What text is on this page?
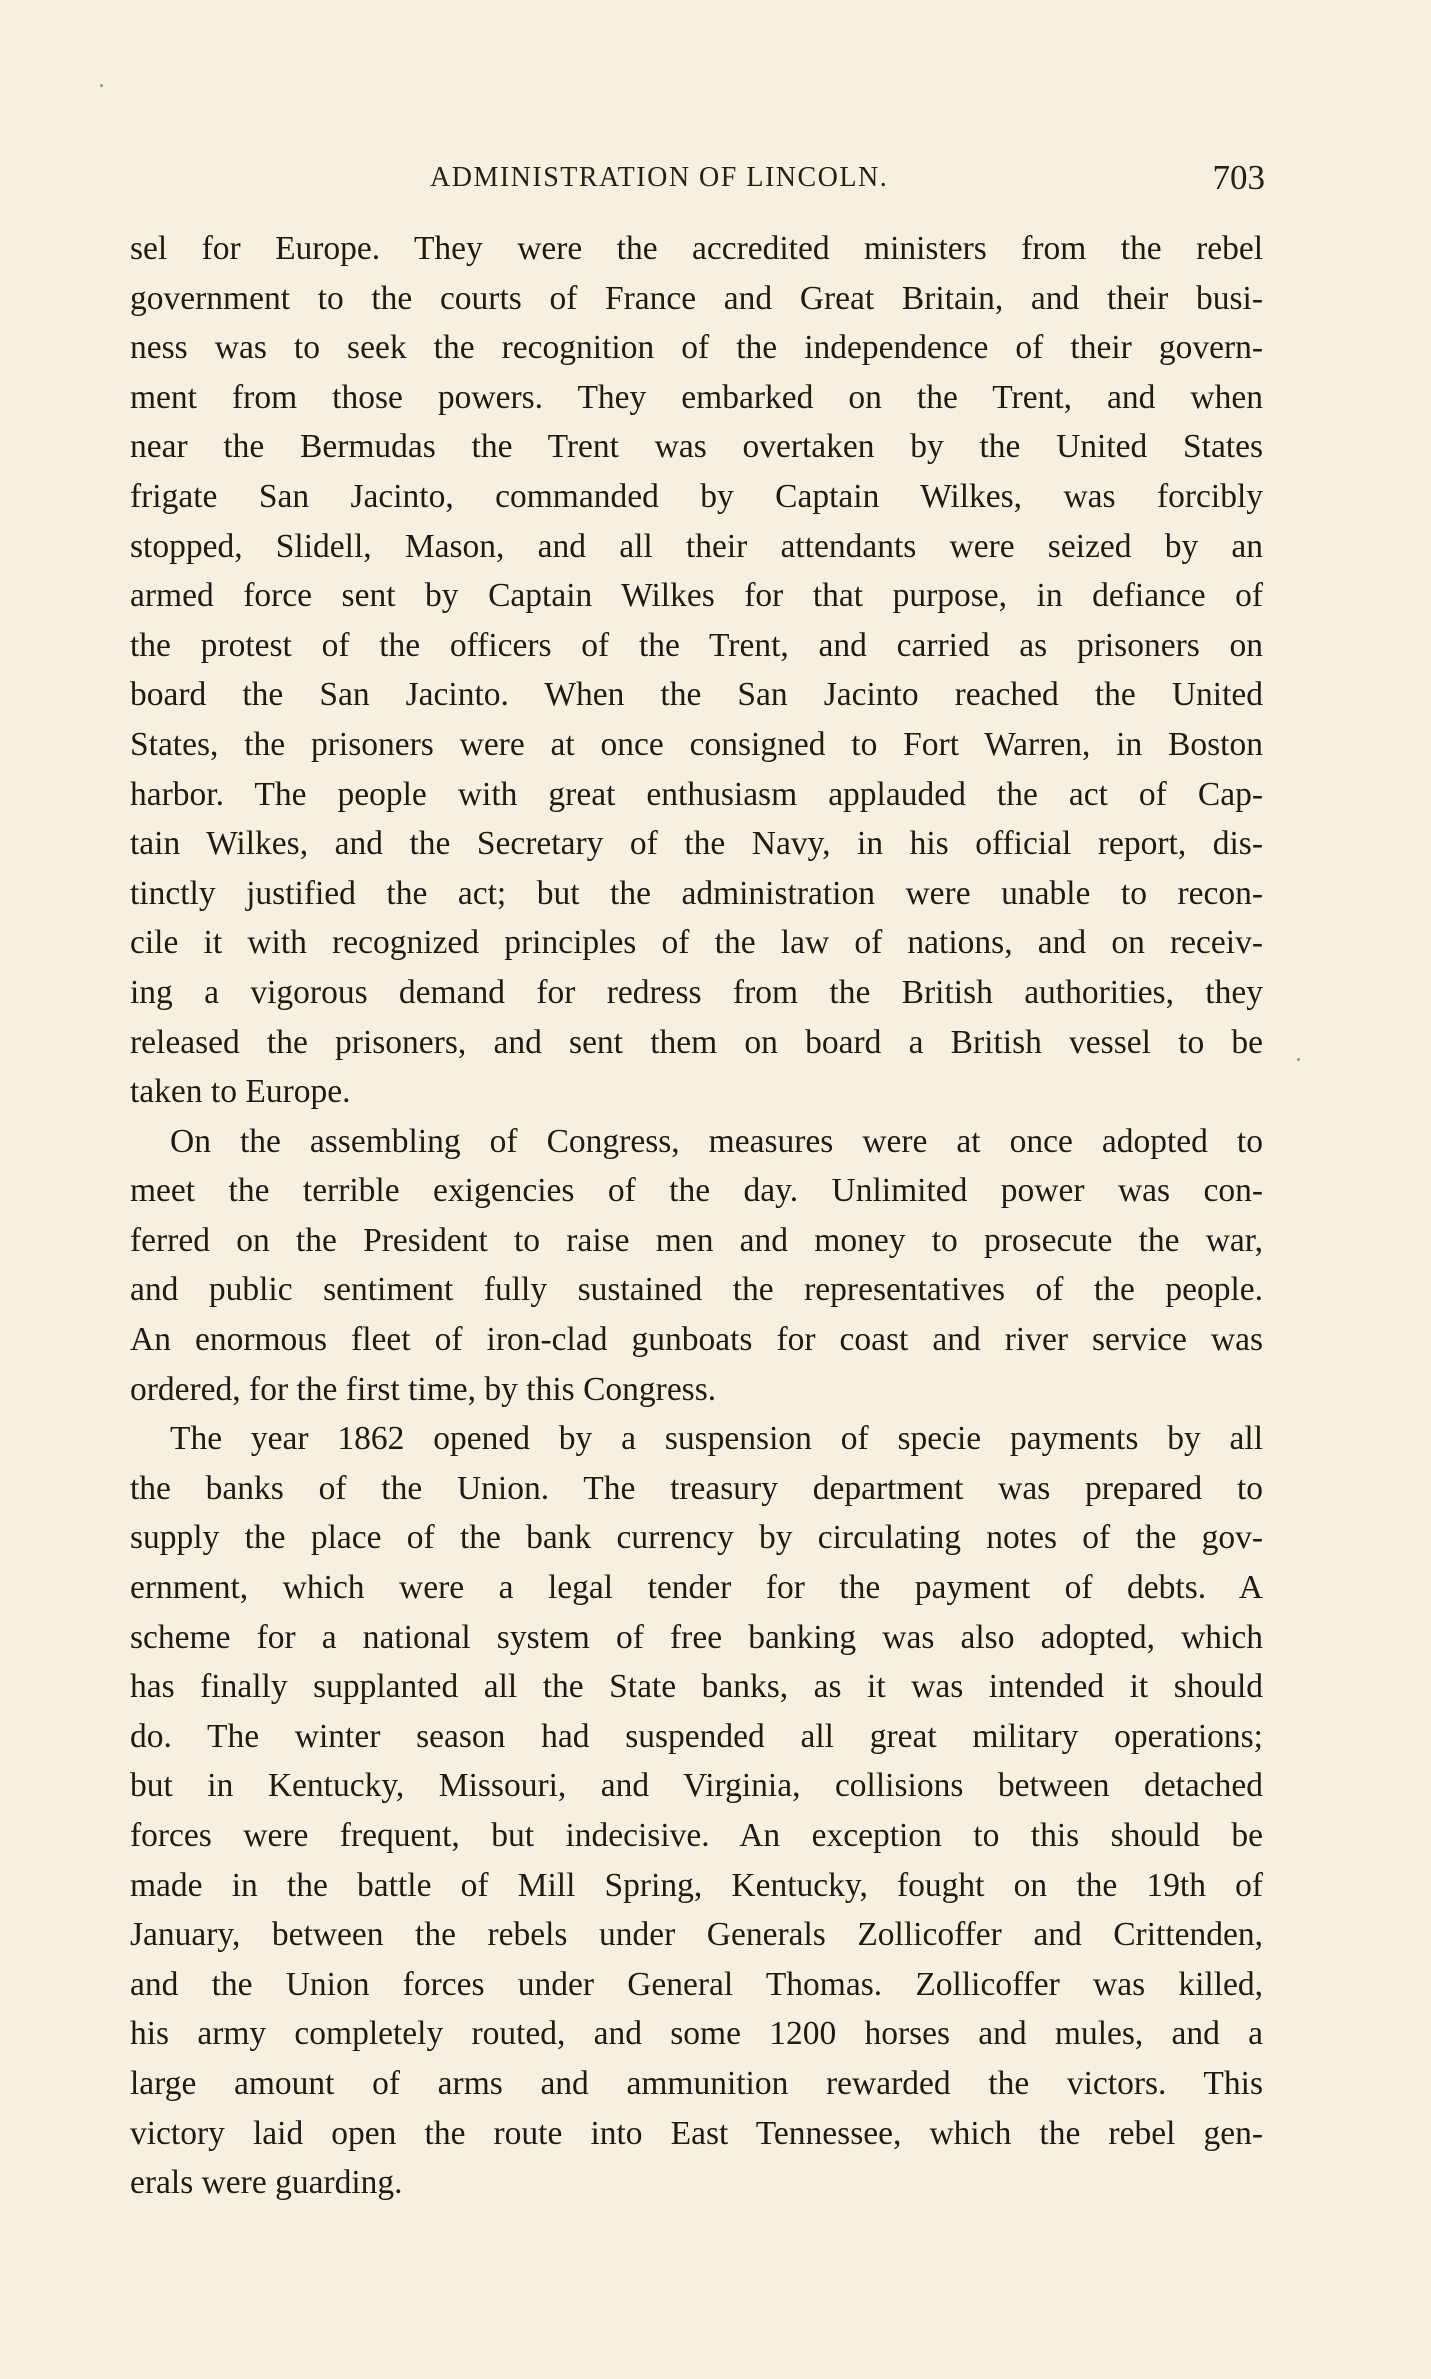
ADMINISTRATION OF LINCOLN.	703

sel for Europe. They were the accredited ministers from the rebel
government to the courts of France and Great Britain, and their busi-
ness was to seek the recognition of the independence of their govern-
ment from those powers. They embarked on the Trent, and when
near the Bermudas the Trent was overtaken by the United States
frigate San Jacinto, commanded by Captain Wilkes, was forcibly
stopped, Slidell, Mason, and all their attendants were seized by an
armed force sent by Captain Wilkes for that purpose, in defiance of
the protest of the officers of the Trent, and carried as prisoners on
board the San Jacinto. When the San Jacinto reached the United
States, the prisoners were at once consigned to Fort Warren, in Boston
harbor. The people with great enthusiasm applauded the act of Cap-
tain Wilkes, and the Secretary of the Navy, in his official report, dis-
tinctly justified the act; but the administration were unable to recon-
cile it with recognized principles of the law of nations, and on receiv-
ing a vigorous demand for redress from the British authorities, they
released the prisoners, and sent them on board a British vessel to be
taken to Europe.

On the assembling of Congress, measures were at once adopted to
meet the terrible exigencies of the day. Unlimited power was con-
ferred on the President to raise men and money to prosecute the war,
and public sentiment fully sustained the representatives of the people.
An enormous fleet of iron-clad gunboats for coast and river service was
ordered, for the first time, by this Congress.

The year 1862 opened by a suspension of specie payments by all
the banks of the Union. The treasury department was prepared to
supply the place of the bank currency by circulating notes of the gov-
ernment, which were a legal tender for the payment of debts. A
scheme for a national system of free banking was also adopted, which
has finally supplanted all the State banks, as it was intended it should
do. The winter season had suspended all great military operations;
but in Kentucky, Missouri, and Virginia, collisions between detached
forces were frequent, but indecisive. An exception to this should be
made in the battle of Mill Spring, Kentucky, fought on the 19th of
January, between the rebels under Generals Zollicoffer and Crittenden,
and the Union forces under General Thomas. Zollicoffer was killed,
his army completely routed, and some 1200 horses and mules, and a
large amount of arms and ammunition rewarded the victors. This
victory laid open the route into East Tennessee, which the rebel gen-
erals were guarding.
